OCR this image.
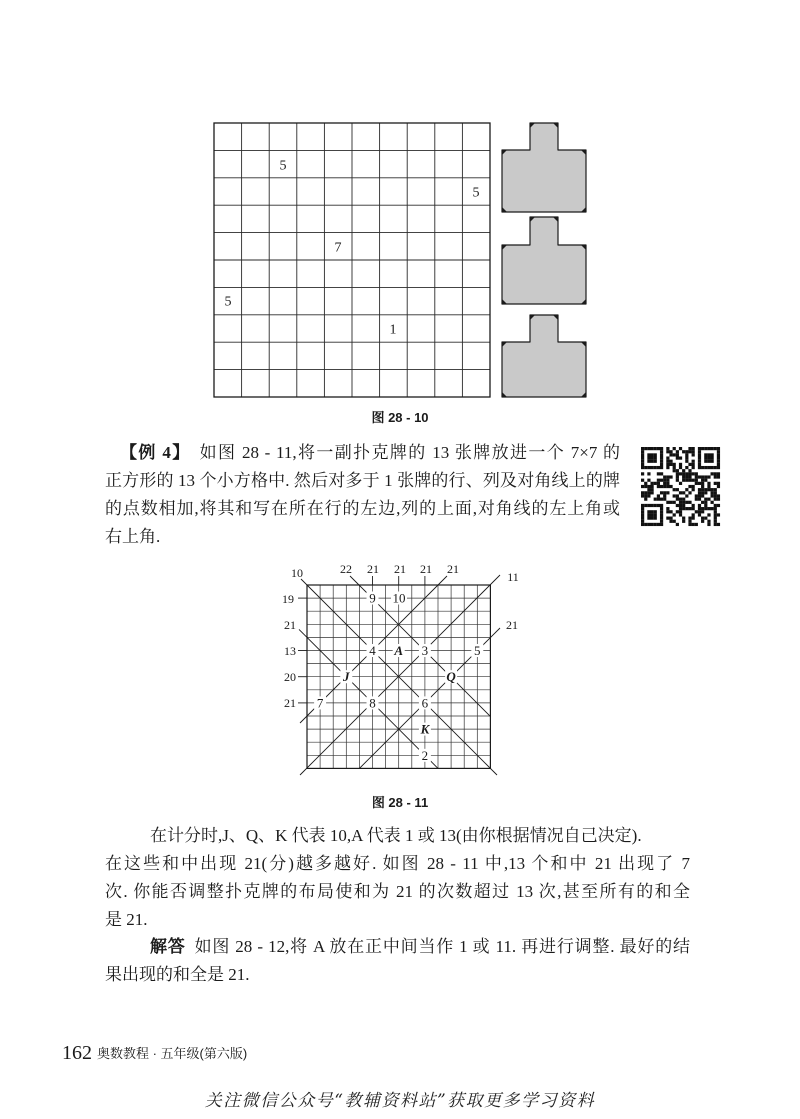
5
5
7
5
1
10	22 21 21 21 21
11
19
21
13
20
21
21
9 10
4 A 3	5
J	Q
7	8	6
K
2
图 28 - 10
图 28 - 11
【例 4】 如图 28 - 11,将一副扑克牌的 13 张牌放进一个 7×7 的
正方形的 13 个小方格中. 然后对多于 1 张牌的行、列及对角线上的牌
的点数相加,将其和写在所在行的左边,列的上面,对角线的左上角或
右上角.
在计分时,J、Q、K 代表 10,A 代表 1 或 13(由你根据情况自己决定).
在这些和中出现 21(分)越多越好. 如图 28 - 11 中,13 个和中 21 出现了 7
次. 你能否调整扑克牌的布局使和为 21 的次数超过 13 次,甚至所有的和全
是 21.
解答 如图 28 - 12,将 A 放在正中间当作 1 或 11. 再进行调整. 最好的结
果出现的和全是 21.
162 奥数教程 · 五年级(第六版)
关注微信公众号“教辅资料站”获取更多学习资料
